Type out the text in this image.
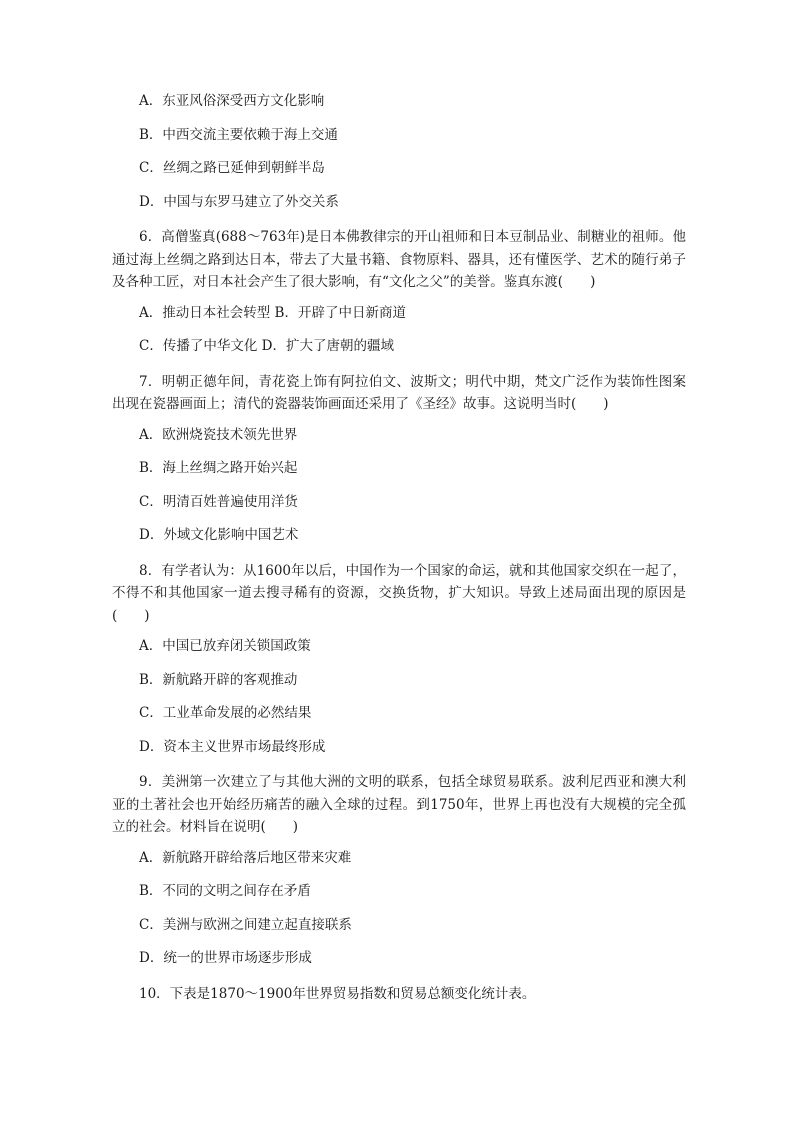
A．东亚风俗深受西方文化影响

B．中西交流主要依赖于海上交通

C．丝绸之路已延伸到朝鲜半岛

D．中国与东罗马建立了外交关系

6．高僧鉴真(688～763年)是日本佛教律宗的开山祖师和日本豆制品业、制糖业的祖师。他通过海上丝绸之路到达日本，带去了大量书籍、食物原料、器具，还有懂医学、艺术的随行弟子及各种工匠，对日本社会产生了很大影响，有“文化之父”的美誉。鉴真东渡(　　)

A．推动日本社会转型 B．开辟了中日新商道

C．传播了中华文化 D．扩大了唐朝的疆域

7．明朝正德年间，青花瓷上饰有阿拉伯文、波斯文；明代中期，梵文广泛作为装饰性图案出现在瓷器画面上；清代的瓷器装饰画面还采用了《圣经》故事。这说明当时(　　)

A．欧洲烧瓷技术领先世界

B．海上丝绸之路开始兴起

C．明清百姓普遍使用洋货

D．外域文化影响中国艺术

8．有学者认为：从1600年以后，中国作为一个国家的命运，就和其他国家交织在一起了，不得不和其他国家一道去搜寻稀有的资源，交换货物，扩大知识。导致上述局面出现的原因是 (　　)

A．中国已放弃闭关锁国政策

B．新航路开辟的客观推动

C．工业革命发展的必然结果

D．资本主义世界市场最终形成

9．美洲第一次建立了与其他大洲的文明的联系，包括全球贸易联系。波利尼西亚和澳大利亚的土著社会也开始经历痛苦的融入全球的过程。到1750年，世界上再也没有大规模的完全孤立的社会。材料旨在说明(　　)

A．新航路开辟给落后地区带来灾难

B．不同的文明之间存在矛盾

C．美洲与欧洲之间建立起直接联系

D．统一的世界市场逐步形成

10．下表是1870～1900年世界贸易指数和贸易总额变化统计表。
